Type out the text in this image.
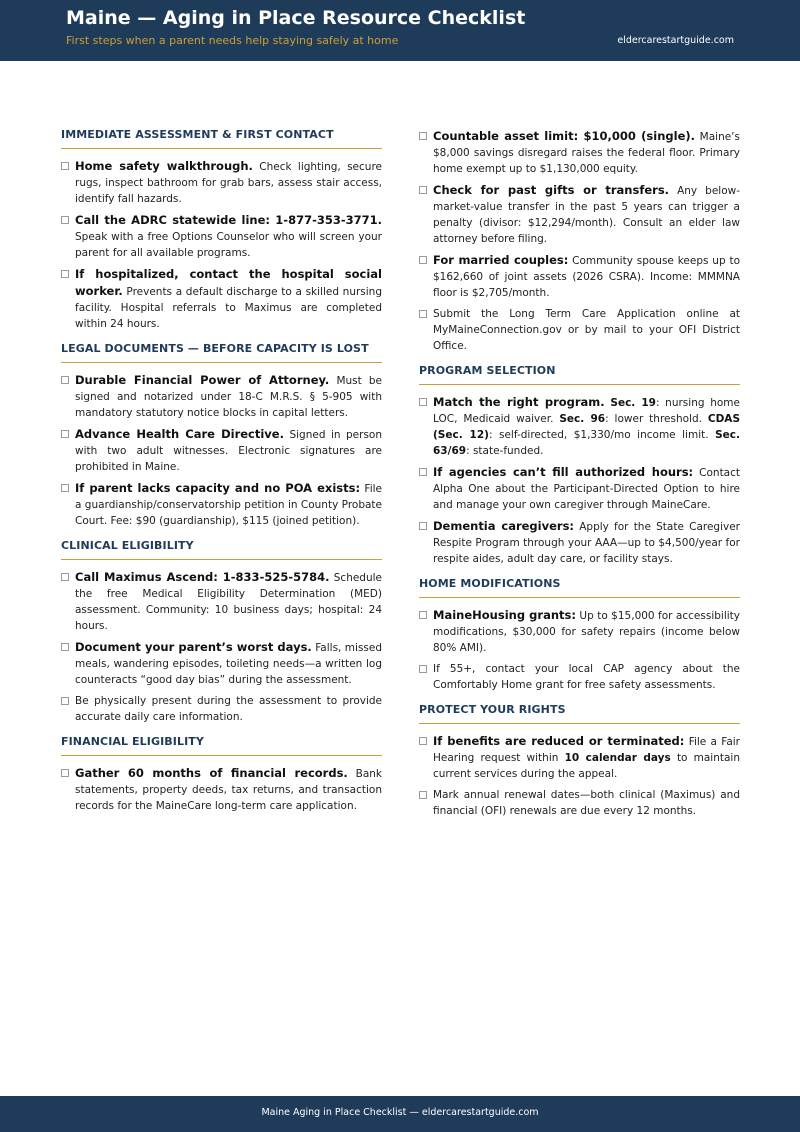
Maine — Aging in Place Resource Checklist
First steps when a parent needs help staying safely at home	eldercarestartguide.com
IMMEDIATE ASSESSMENT & FIRST CONTACT
Home safety walkthrough. Check lighting, secure rugs, inspect bathroom for grab bars, assess stair access, identify fall hazards.
Call the ADRC statewide line: 1-877-353-3771. Speak with a free Options Counselor who will screen your parent for all available programs.
If hospitalized, contact the hospital social worker. Prevents a default discharge to a skilled nursing facility. Hospital referrals to Maximus are completed within 24 hours.
LEGAL DOCUMENTS — BEFORE CAPACITY IS LOST
Durable Financial Power of Attorney. Must be signed and notarized under 18-C M.R.S. § 5-905 with mandatory statutory notice blocks in capital letters.
Advance Health Care Directive. Signed in person with two adult witnesses. Electronic signatures are prohibited in Maine.
If parent lacks capacity and no POA exists: File a guardianship/conservatorship petition in County Probate Court. Fee: $90 (guardianship), $115 (joined petition).
CLINICAL ELIGIBILITY
Call Maximus Ascend: 1-833-525-5784. Schedule the free Medical Eligibility Determination (MED) assessment. Community: 10 business days; hospital: 24 hours.
Document your parent’s worst days. Falls, missed meals, wandering episodes, toileting needs—a written log counteracts “good day bias” during the assessment.
Be physically present during the assessment to provide accurate daily care information.
FINANCIAL ELIGIBILITY
Gather 60 months of financial records. Bank statements, property deeds, tax returns, and transaction records for the MaineCare long-term care application.
Countable asset limit: $10,000 (single). Maine’s $8,000 savings disregard raises the federal floor. Primary home exempt up to $1,130,000 equity.
Check for past gifts or transfers. Any below-market-value transfer in the past 5 years can trigger a penalty (divisor: $12,294/month). Consult an elder law attorney before filing.
For married couples: Community spouse keeps up to $162,660 of joint assets (2026 CSRA). Income: MMMNA floor is $2,705/month.
Submit the Long Term Care Application online at MyMaineConnection.gov or by mail to your OFI District Office.
PROGRAM SELECTION
Match the right program. Sec. 19: nursing home LOC, Medicaid waiver. Sec. 96: lower threshold. CDAS (Sec. 12): self-directed, $1,330/mo income limit. Sec. 63/69: state-funded.
If agencies can’t fill authorized hours: Contact Alpha One about the Participant-Directed Option to hire and manage your own caregiver through MaineCare.
Dementia caregivers: Apply for the State Caregiver Respite Program through your AAA—up to $4,500/year for respite aides, adult day care, or facility stays.
HOME MODIFICATIONS
MaineHousing grants: Up to $15,000 for accessibility modifications, $30,000 for safety repairs (income below 80% AMI).
If 55+, contact your local CAP agency about the Comfortably Home grant for free safety assessments.
PROTECT YOUR RIGHTS
If benefits are reduced or terminated: File a Fair Hearing request within 10 calendar days to maintain current services during the appeal.
Mark annual renewal dates—both clinical (Maximus) and financial (OFI) renewals are due every 12 months.
Maine Aging in Place Checklist — eldercarestartguide.com
